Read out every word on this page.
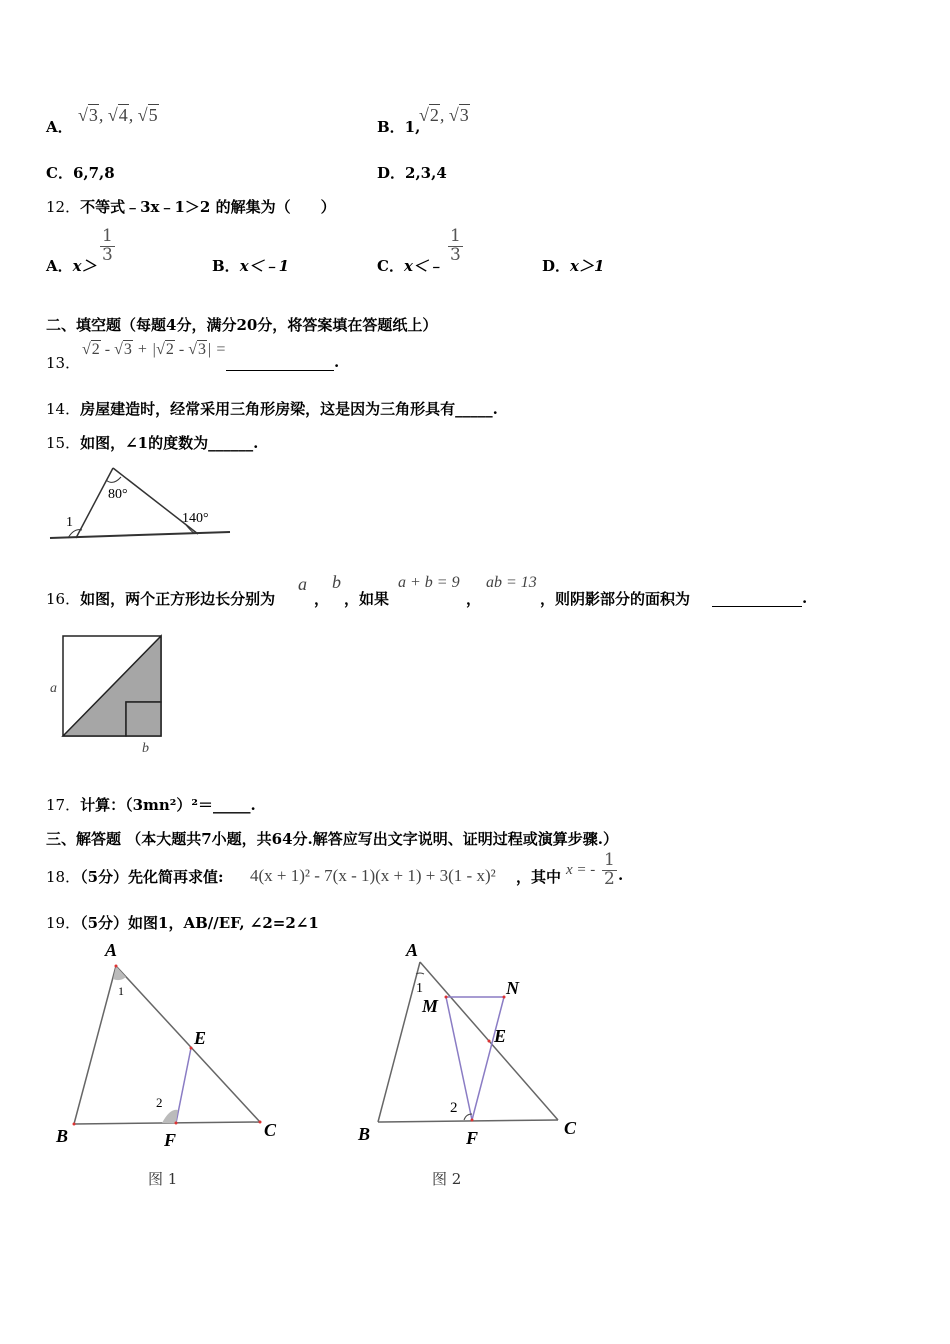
A．
√3, √4, √5
B．1,
√2, √3
C．6,7,8	D．2,3,4
12．不等式﹣3x﹣1＞2 的解集为（　　）
A．x＞
$\frac{1}{3}$
B．x＜﹣1	C．x＜﹣
$\frac{1}{3}$
D．x＞1
二、填空题（每题4分，满分20分，将答案填在答题纸上）
13．
√2 - √3 + |√2 - √3| =
.
14．房屋建造时，经常采用三角形房梁，这是因为三角形具有_____.
15．如图，∠1的度数为______.
80°
140°
1
16．如图，两个正方形边长分别为
a
，
b
，如果
a + b = 9
，
ab = 13
，则阴影部分的面积为	.
a
b
17．计算：（3mn²）²＝_____.
三、解答题 （本大题共7小题，共64分.解答应写出文字说明、证明过程或演算步骤.）
18．（5分）先化简再求值: 4(x + 1)² - 7(x - 1)(x + 1) + 3(1 - x)² ，其中 x = - $\frac{1}{2}$ .
19．（5分）如图1，AB//EF, ∠2=2∠1
A
B	C
E
F
1
2
图 1
A
B	C
E
F
M
N
1
2
图 2
